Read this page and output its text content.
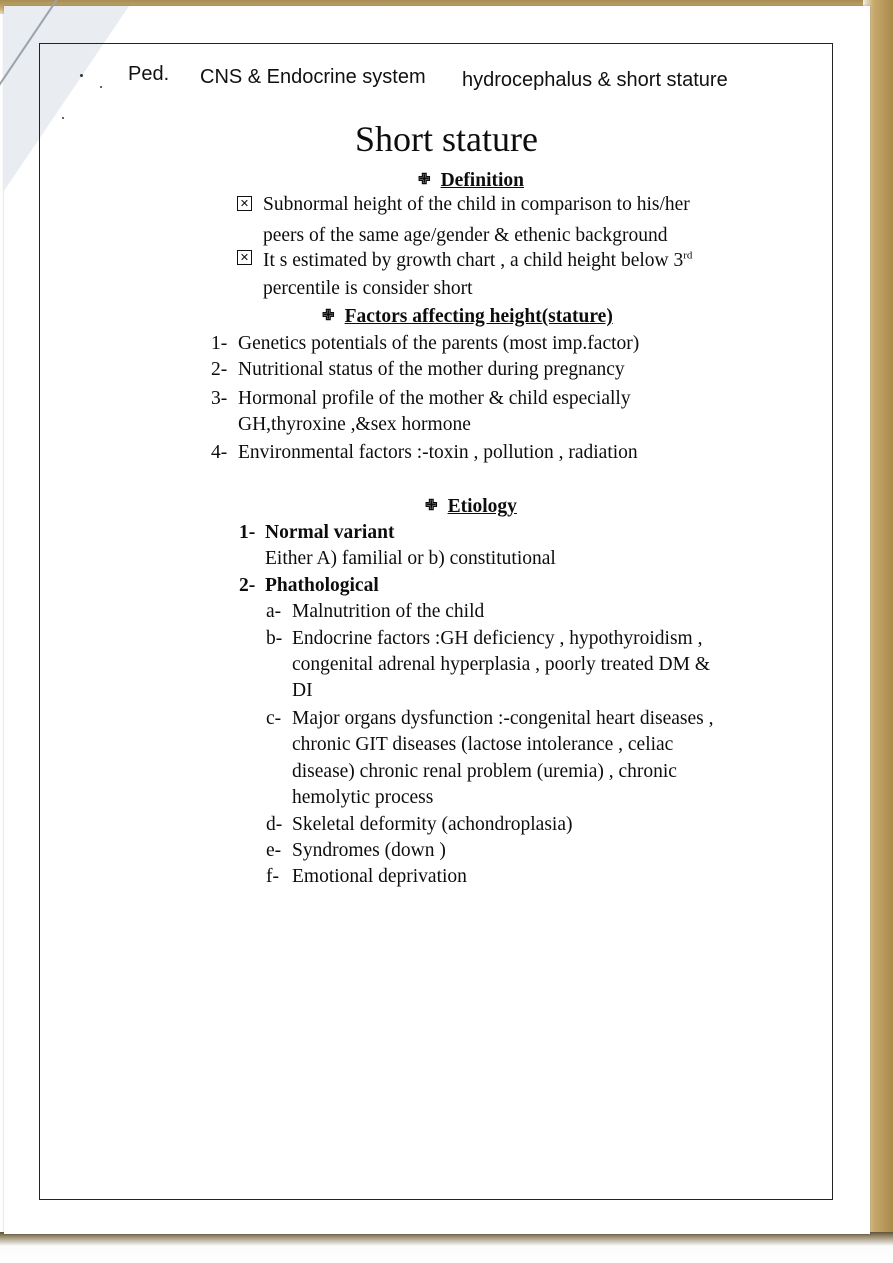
Ped. CNS & Endocrine system hydrocephalus & short stature
Short stature
✙ Definition
✕ Subnormal height of the child in comparison to his/her
peers of the same age/gender & ethenic background
✕ It s estimated by growth chart , a child height below 3rd
percentile is consider short
✙ Factors affecting height(stature)
1- Genetics potentials of the parents (most imp.factor)
2- Nutritional status of the mother during pregnancy
3- Hormonal profile of the mother & child especially
GH,thyroxine ,&sex hormone
4- Environmental factors :-toxin , pollution , radiation
✙ Etiology
1- Normal variant
Either A) familial or b) constitutional
2- Phathological
a- Malnutrition of the child
b- Endocrine factors :GH deficiency , hypothyroidism ,
congenital adrenal hyperplasia , poorly treated DM &
DI
c- Major organs dysfunction :-congenital heart diseases ,
chronic GIT diseases (lactose intolerance , celiac
disease) chronic renal problem (uremia) , chronic
hemolytic process
d- Skeletal deformity (achondroplasia)
e- Syndromes (down )
f- Emotional deprivation
